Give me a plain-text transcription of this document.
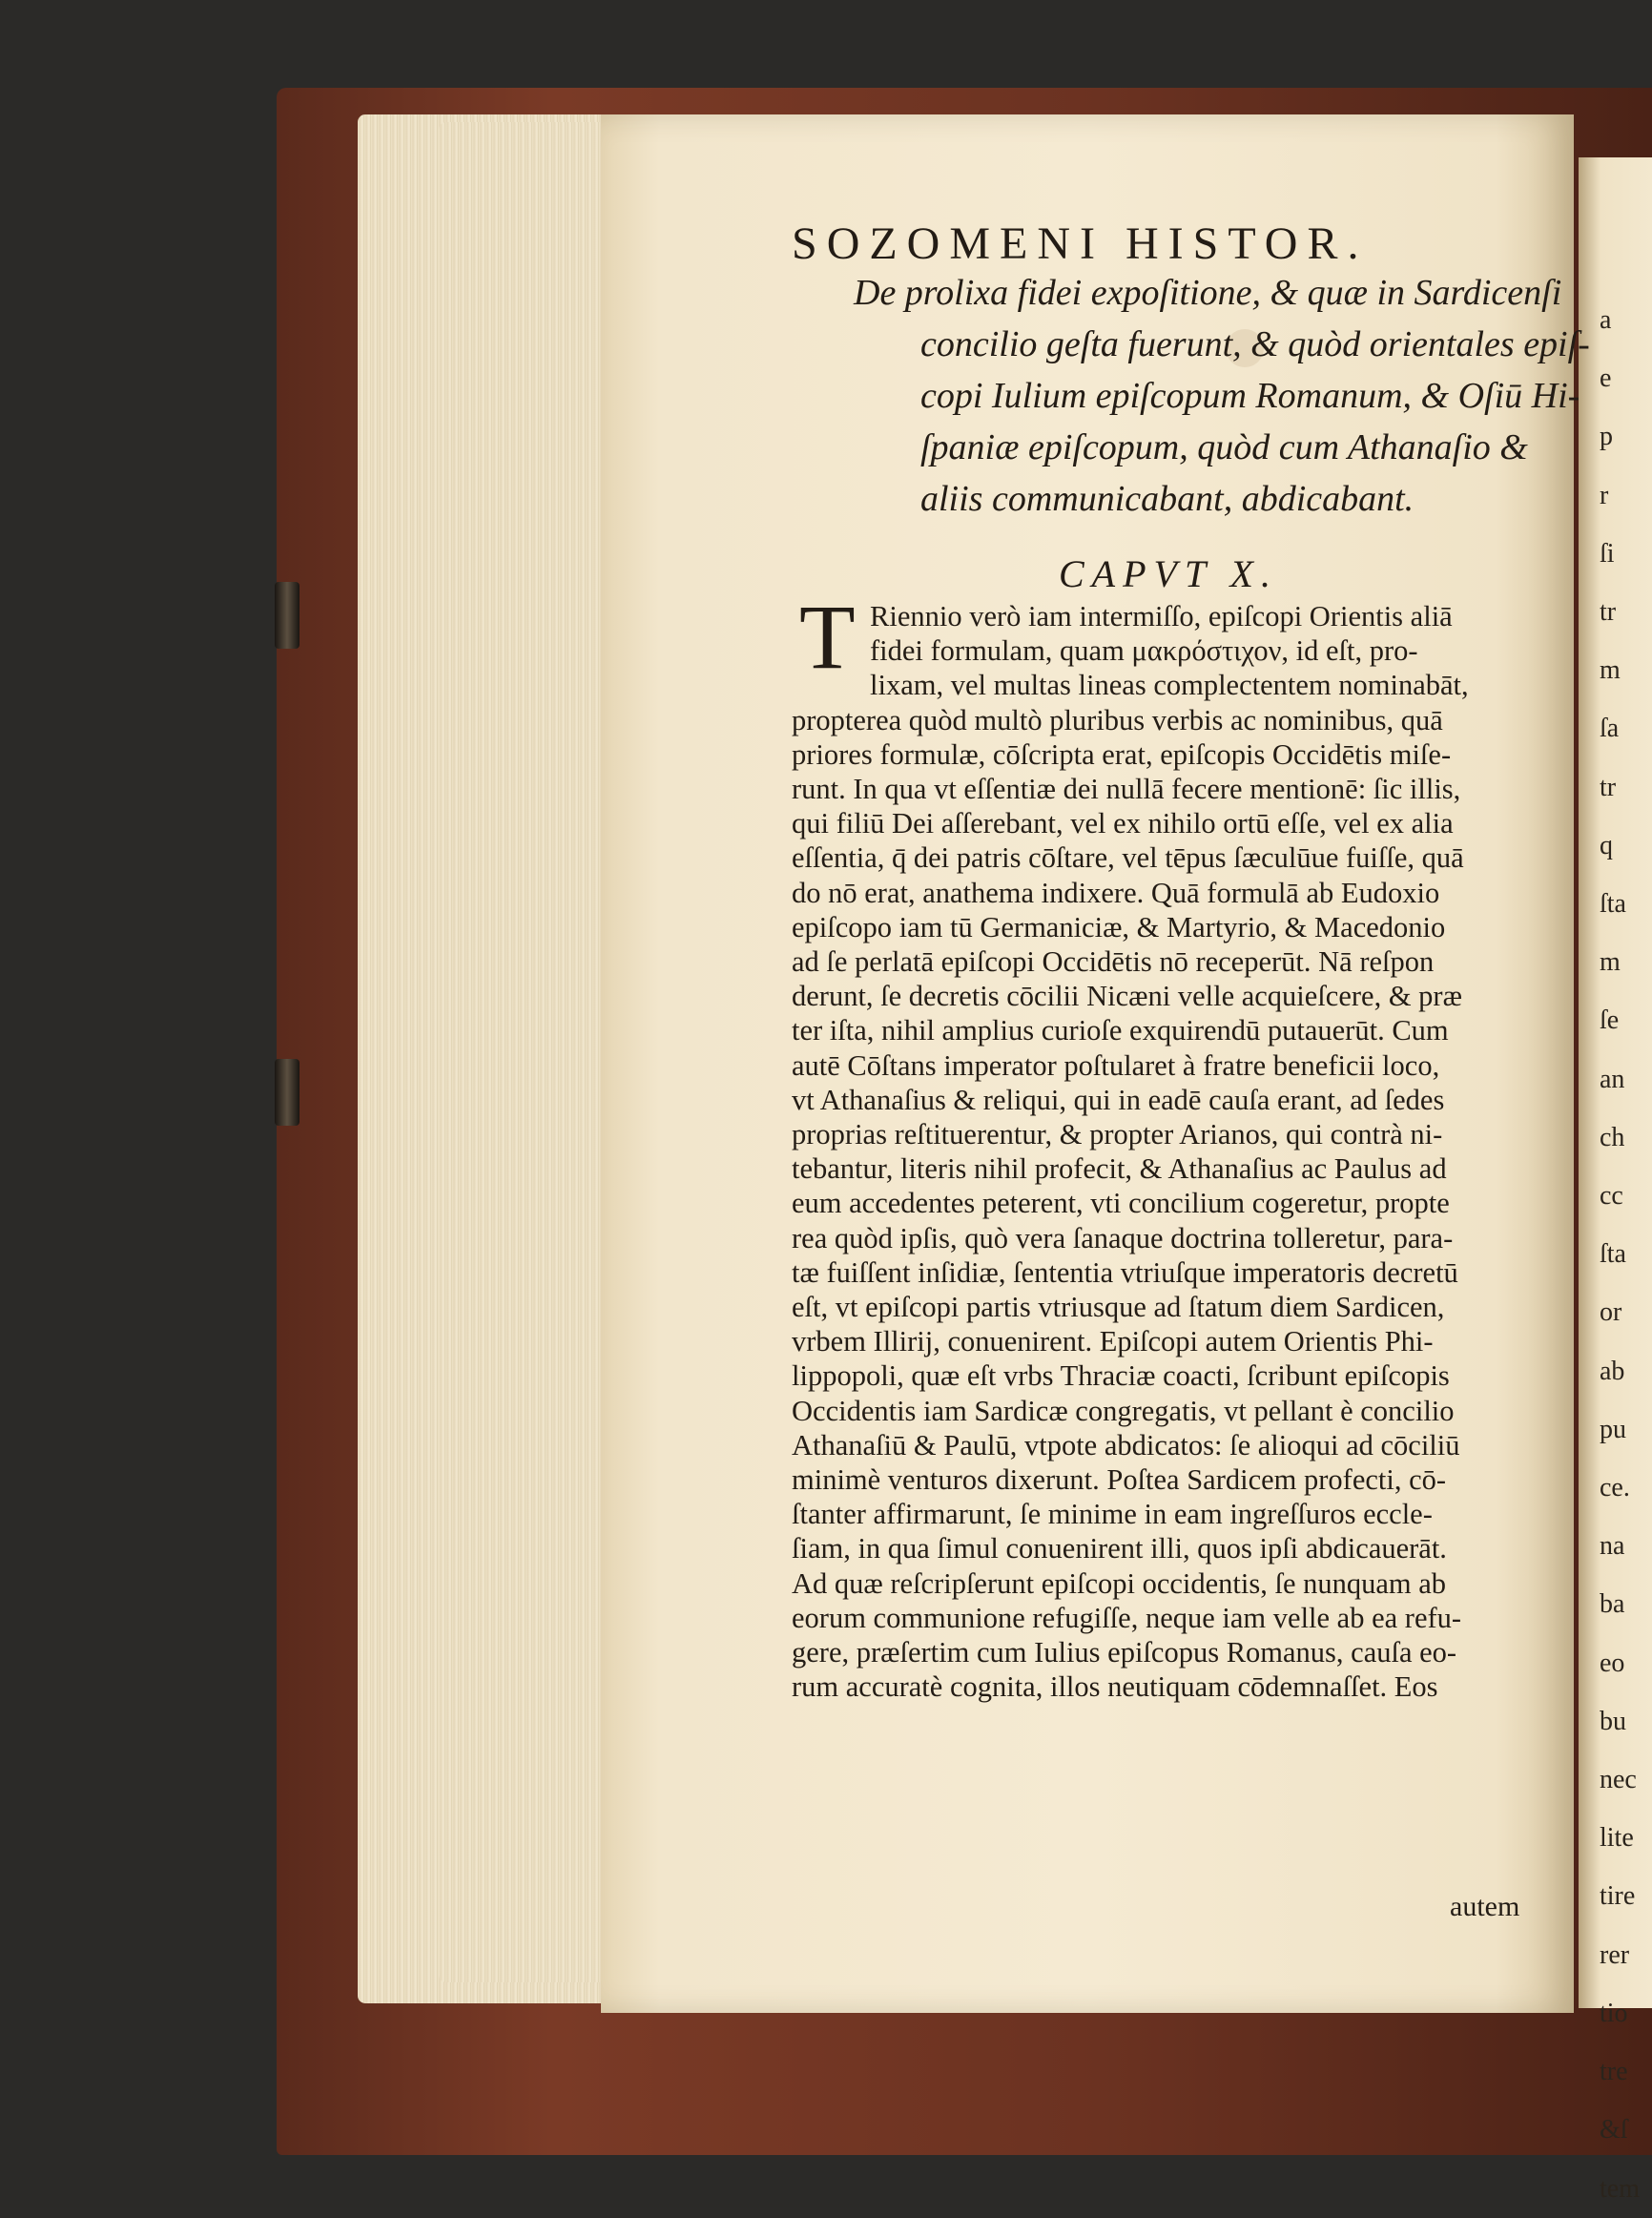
a
e
p
r
ſi
tr
m
ſa
tr
q
ſta
m
ſe
an
ch
cc
ſta
or
ab
pu
ce.
na
ba
eo
bu
nec
lite
tire
rer
tio
tre
&ſ
tem
SOZOMENI HISTOR.

De prolixa fidei expoſitione, & quæ in Sardicenſi

concilio geſta fuerunt, & quòd orientales epiſ-

copi Iulium epiſcopum Romanum, & Oſiū Hi-

ſpaniæ epiſcopum, quòd cum Athanaſio &

aliis communicabant, abdicabant.

CAPVT X.
T Riennio verò iam intermiſſo, epiſcopi Orientis aliā

fidei formulam, quam μακρόστιχον, id eſt, pro-

lixam, vel multas lineas complectentem nominabāt,

propterea quòd multò pluribus verbis ac nominibus, quā

priores formulæ, cōſcripta erat, epiſcopis Occidētis miſe-

runt. In qua vt eſſentiæ dei nullā fecere mentionē: ſic illis,

qui filiū Dei aſſerebant, vel ex nihilo ortū eſſe, vel ex alia

eſſentia, q̄ dei patris cōſtare, vel tēpus ſæculūue fuiſſe, quā

do nō erat, anathema indixere. Quā formulā ab Eudoxio

epiſcopo iam tū Germaniciæ, & Martyrio, & Macedonio

ad ſe perlatā epiſcopi Occidētis nō receperūt. Nā reſpon

derunt, ſe decretis cōcilii Nicæni velle acquieſcere, & præ

ter iſta, nihil amplius curioſe exquirendū putauerūt. Cum

autē Cōſtans imperator poſtularet à fratre beneficii loco,

vt Athanaſius & reliqui, qui in eadē cauſa erant, ad ſedes

proprias reſtituerentur, & propter Arianos, qui contrà ni-

tebantur, literis nihil profecit, & Athanaſius ac Paulus ad

eum accedentes peterent, vti concilium cogeretur, propte

rea quòd ipſis, quò vera ſanaque doctrina tolleretur, para-

tæ fuiſſent inſidiæ, ſententia vtriuſque imperatoris decretū

eſt, vt epiſcopi partis vtriusque ad ſtatum diem Sardicen,

vrbem Illirij, conuenirent. Epiſcopi autem Orientis Phi-

lippopoli, quæ eſt vrbs Thraciæ coacti, ſcribunt epiſcopis

Occidentis iam Sardicæ congregatis, vt pellant è concilio

Athanaſiū & Paulū, vtpote abdicatos: ſe alioqui ad cōciliū

minimè venturos dixerunt. Poſtea Sardicem profecti, cō-

ſtanter affirmarunt, ſe minime in eam ingreſſuros eccle-

ſiam, in qua ſimul conuenirent illi, quos ipſi abdicauerāt.

Ad quæ reſcripſerunt epiſcopi occidentis, ſe nunquam ab

eorum communione refugiſſe, neque iam velle ab ea refu-

gere, præſertim cum Iulius epiſcopus Romanus, cauſa eo-

rum accuratè cognita, illos neutiquam cōdemnaſſet. Eos

autem
